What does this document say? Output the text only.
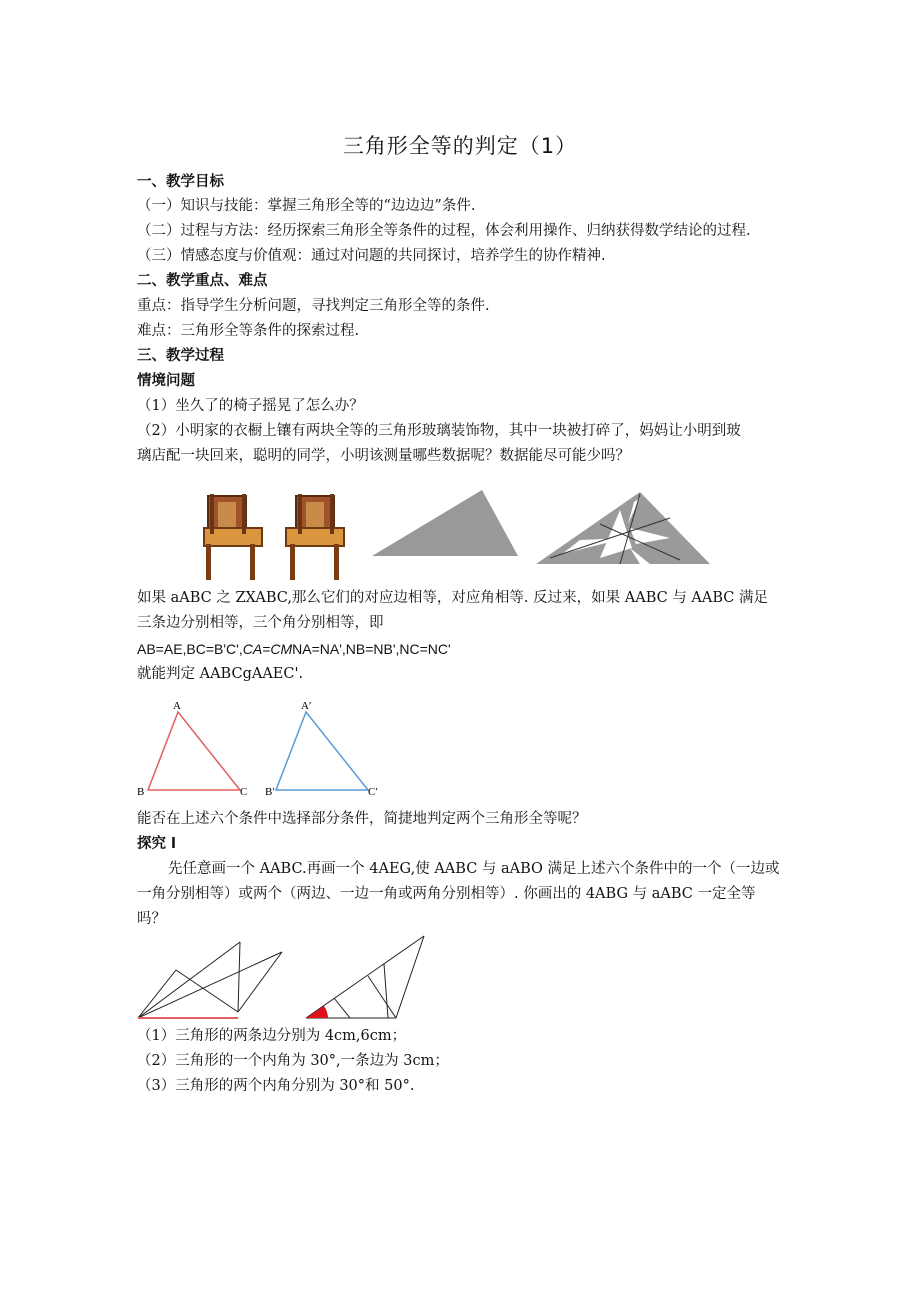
三角形全等的判定（1）
一、教学目标
（一）知识与技能：掌握三角形全等的“边边边”条件.
（二）过程与方法：经历探索三角形全等条件的过程，体会利用操作、归纳获得数学结论的过程.
（三）情感态度与价值观：通过对问题的共同探讨，培养学生的协作精神.
二、教学重点、难点
重点：指导学生分析问题，寻找判定三角形全等的条件.
难点：三角形全等条件的探索过程.
三、教学过程
情境问题
（1）坐久了的椅子摇晃了怎么办？
（2）小明家的衣橱上镶有两块全等的三角形玻璃装饰物，其中一块被打碎了，妈妈让小明到玻
璃店配一块回来，聪明的同学，小明该测量哪些数据呢？数据能尽可能少吗？
如果 aABC 之 ZXABC,那么它们的对应边相等，对应角相等. 反过来，如果 AABC 与 AABC 满足
三条边分别相等，三个角分别相等，即
AB=AE,BC=B'C',CA=CMNA=NA',NB=NB',NC=NC'
就能判定 AABCgAAEC'.
A
B	C
A′
B′	C′
能否在上述六个条件中选择部分条件，简捷地判定两个三角形全等呢？
探究 l
先任意画一个 AABC.再画一个 4AEG,使 AABC 与 aABO 满足上述六个条件中的一个（一边或
一角分别相等）或两个（两边、一边一角或两角分别相等）. 你画出的 4ABG 与 aABC 一定全等
吗？
（1）三角形的两条边分别为 4cm,6cm；
（2）三角形的一个内角为 30°,一条边为 3cm；
（3）三角形的两个内角分别为 30°和 50°.
